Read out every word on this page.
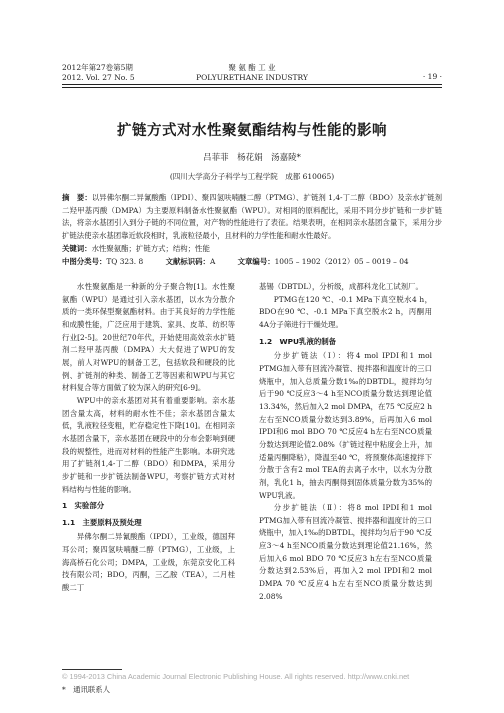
2012年第27卷第5期
2012. Vol. 27 No. 5
聚 氨 酯 工 业
POLYURETHANE INDUSTRY	· 19 ·
扩链方式对水性聚氨酯结构与性能的影响
吕菲菲　杨花娟　汤嘉陵*
(四川大学高分子科学与工程学院　成都 610065)
摘　要：以异佛尔酮二异氰酸酯（IPDI）、聚四氢呋喃醚二醇（PTMG）、扩链剂 1,4-丁二醇（BDO）及亲水扩链剂二羟甲基丙酸（DMPA）为主要原料制备水性聚氨酯（WPU）。对相同的原料配比，采用不同分步扩链和一步扩链法，将亲水基团引入到分子链的不同位置，对产物的性能进行了表征。结果表明，在相同亲水基团含量下，采用分步扩链法使亲水基团靠近软段相时，乳液粒径最小，且材料的力学性能和耐水性最好。
关键词：水性聚氨酯；扩链方式；结构；性能
中图分类号：TQ 323. 8	文献标识码：A	文章编号：1005 – 1902（2012）05 – 0019 – 04

水性聚氨酯是一种新的分子聚合物[1]。水性聚氨酯（WPU）是通过引入亲水基团，以水为分散介质的一类环保型聚氨酯材料。由于其良好的力学性能和成膜性能，广泛应用于建筑、家具、皮革、纺织等行业[2-5]。20世纪70年代，开始使用高效亲水扩链剂二羟甲基丙酸（DMPA）大大促进了WPU的发展，前人对WPU的制备工艺，包括软段和硬段的比例、扩链剂的种类、制备工艺等因素和WPU与其它材料复合等方面做了较为深入的研究[6-9]。

WPU中的亲水基团对其有着重要影响。亲水基团含量太高，材料的耐水性不佳；亲水基团含量太低，乳液粒径变粗，贮存稳定性下降[10]。在相同亲水基团含量下，亲水基团在硬段中的分布会影响到硬段的规整性，进而对材料的性能产生影响。本研究选用了扩链剂1,4-丁二醇（BDO）和DMPA，采用分步扩链和一步扩链法制备WPU，考察扩链方式对材料结构与性能的影响。

1　实验部分

1.1　主要原料及预处理

异佛尔酮二异氰酸酯（IPDI），工业级，德国拜耳公司；聚四氢呋喃醚二醇（PTMG），工业级，上海高桥石化公司；DMPA，工业级，东莞京安化工科技有限公司；BDO，丙酮，三乙胺（TEA），二月桂酸二丁

基锡（DBTDL），分析级，成都科龙化工试剂厂。

PTMG在120 ℃、-0.1 MPa下真空脱水4 h，BDO在90 ℃、-0.1 MPa下真空脱水2 h，丙酮用4A分子筛进行干燥处理。

1.2　WPU乳液的制备

分步扩链法（Ⅰ）：将4 mol IPDI和1 mol PTMG加入带有回流冷凝管、搅拌器和温度计的三口烧瓶中，加入总质量分数1‰的DBTDL，搅拌均匀后于90 ℃反应3～4 h至NCO质量分数达到理论值13.34%，然后加入2 mol DMPA，在75 ℃反应2 h左右至NCO质量分数达到3.89%，后再加入6 mol IPDI和6 mol BDO 70 ℃反应4 h左右至NCO质量分数达到理论值2.08%（扩链过程中粘度会上升，加适量丙酮降粘），降温至40 ℃，将预聚体高速搅拌下分散于含有2 mol TEA的去离子水中，以水为分散剂，乳化1 h，抽去丙酮得到固体质量分数为35%的WPU乳液。

分步扩链法（Ⅱ）：将8 mol IPDI和1 mol PTMG加入带有回流冷凝管、搅拌器和温度计的三口烧瓶中，加入1‰的DBTDL，搅拌均匀后于90 ℃反应3～4 h至NCO质量分数达到理论值21.16%，然后加入6 mol BDO 70 ℃反应3 h左右至NCO质量分数达到2.53%后，再加入2 mol IPDI和2 mol DMPA 70 ℃反应4 h左右至NCO质量分数达到2.08%

© 1994-2013 China Academic Journal Electronic Publishing House. All rights reserved. http://www.cnki.net
*　通讯联系人
